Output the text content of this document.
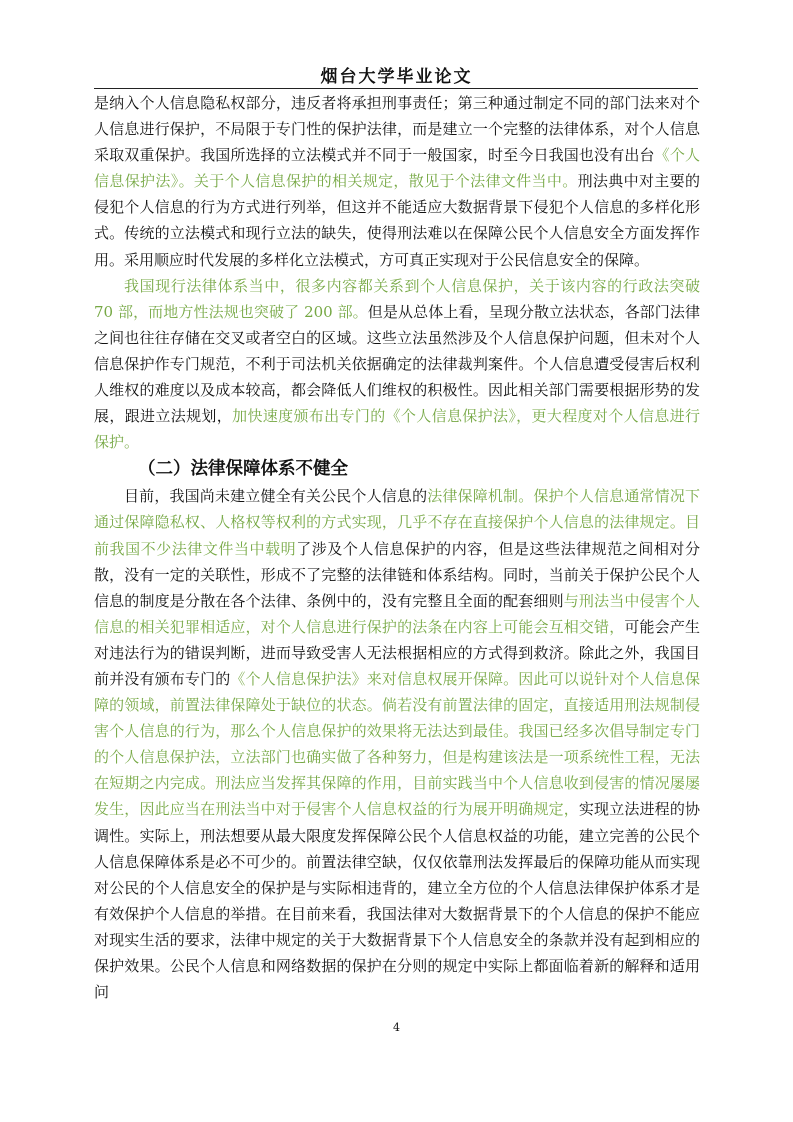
烟台大学毕业论文

是纳入个人信息隐私权部分，违反者将承担刑事责任；第三种通过制定不同的部门法来对个人信息进行保护，不局限于专门性的保护法律，而是建立一个完整的法律体系，对个人信息采取双重保护。我国所选择的立法模式并不同于一般国家，时至今日我国也没有出台《个人信息保护法》。关于个人信息保护的相关规定，散见于个法律文件当中。刑法典中对主要的侵犯个人信息的行为方式进行列举，但这并不能适应大数据背景下侵犯个人信息的多样化形式。传统的立法模式和现行立法的缺失，使得刑法难以在保障公民个人信息安全方面发挥作用。采用顺应时代发展的多样化立法模式，方可真正实现对于公民信息安全的保障。

我国现行法律体系当中，很多内容都关系到个人信息保护，关于该内容的行政法突破 70 部，而地方性法规也突破了 200 部。但是从总体上看，呈现分散立法状态，各部门法律之间也往往存储在交叉或者空白的区域。这些立法虽然涉及个人信息保护问题，但未对个人信息保护作专门规范，不利于司法机关依据确定的法律裁判案件。个人信息遭受侵害后权利人维权的难度以及成本较高，都会降低人们维权的积极性。因此相关部门需要根据形势的发展，跟进立法规划，加快速度颁布出专门的《个人信息保护法》，更大程度对个人信息进行保护。

（二）法律保障体系不健全

目前，我国尚未建立健全有关公民个人信息的法律保障机制。保护个人信息通常情况下通过保障隐私权、人格权等权利的方式实现，几乎不存在直接保护个人信息的法律规定。目前我国不少法律文件当中载明了涉及个人信息保护的内容，但是这些法律规范之间相对分散，没有一定的关联性，形成不了完整的法律链和体系结构。同时，当前关于保护公民个人信息的制度是分散在各个法律、条例中的，没有完整且全面的配套细则与刑法当中侵害个人信息的相关犯罪相适应，对个人信息进行保护的法条在内容上可能会互相交错，可能会产生对违法行为的错误判断，进而导致受害人无法根据相应的方式得到救济。除此之外，我国目前并没有颁布专门的《个人信息保护法》来对信息权展开保障。因此可以说针对个人信息保障的领域，前置法律保障处于缺位的状态。倘若没有前置法律的固定，直接适用刑法规制侵害个人信息的行为，那么个人信息保护的效果将无法达到最佳。我国已经多次倡导制定专门的个人信息保护法，立法部门也确实做了各种努力，但是构建该法是一项系统性工程，无法在短期之内完成。刑法应当发挥其保障的作用，目前实践当中个人信息收到侵害的情况屡屡发生，因此应当在刑法当中对于侵害个人信息权益的行为展开明确规定，实现立法进程的协调性。实际上，刑法想要从最大限度发挥保障公民个人信息权益的功能，建立完善的公民个人信息保障体系是必不可少的。前置法律空缺，仅仅依靠刑法发挥最后的保障功能从而实现对公民的个人信息安全的保护是与实际相违背的，建立全方位的个人信息法律保护体系才是有效保护个人信息的举措。在目前来看，我国法律对大数据背景下的个人信息的保护不能应对现实生活的要求，法律中规定的关于大数据背景下个人信息安全的条款并没有起到相应的保护效果。公民个人信息和网络数据的保护在分则的规定中实际上都面临着新的解释和适用问

4
